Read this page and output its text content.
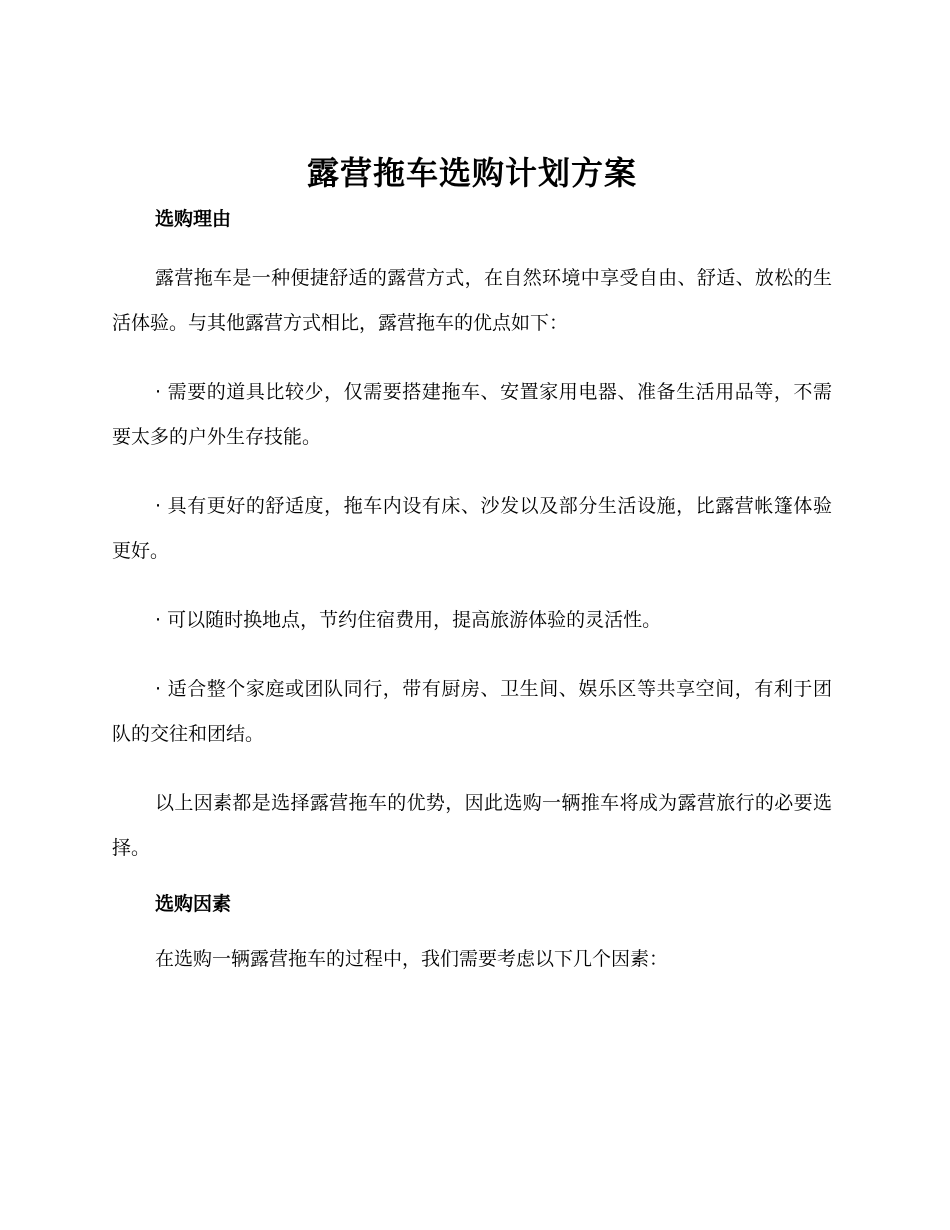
露营拖车选购计划方案
选购理由

露营拖车是一种便捷舒适的露营方式，在自然环境中享受自由、舒适、放松的生活体验。与其他露营方式相比，露营拖车的优点如下：

· 需要的道具比较少，仅需要搭建拖车、安置家用电器、准备生活用品等，不需要太多的户外生存技能。

· 具有更好的舒适度，拖车内设有床、沙发以及部分生活设施，比露营帐篷体验更好。

· 可以随时换地点，节约住宿费用，提高旅游体验的灵活性。

· 适合整个家庭或团队同行，带有厨房、卫生间、娱乐区等共享空间，有利于团队的交往和团结。

以上因素都是选择露营拖车的优势，因此选购一辆推车将成为露营旅行的必要选择。

选购因素

在选购一辆露营拖车的过程中，我们需要考虑以下几个因素：
